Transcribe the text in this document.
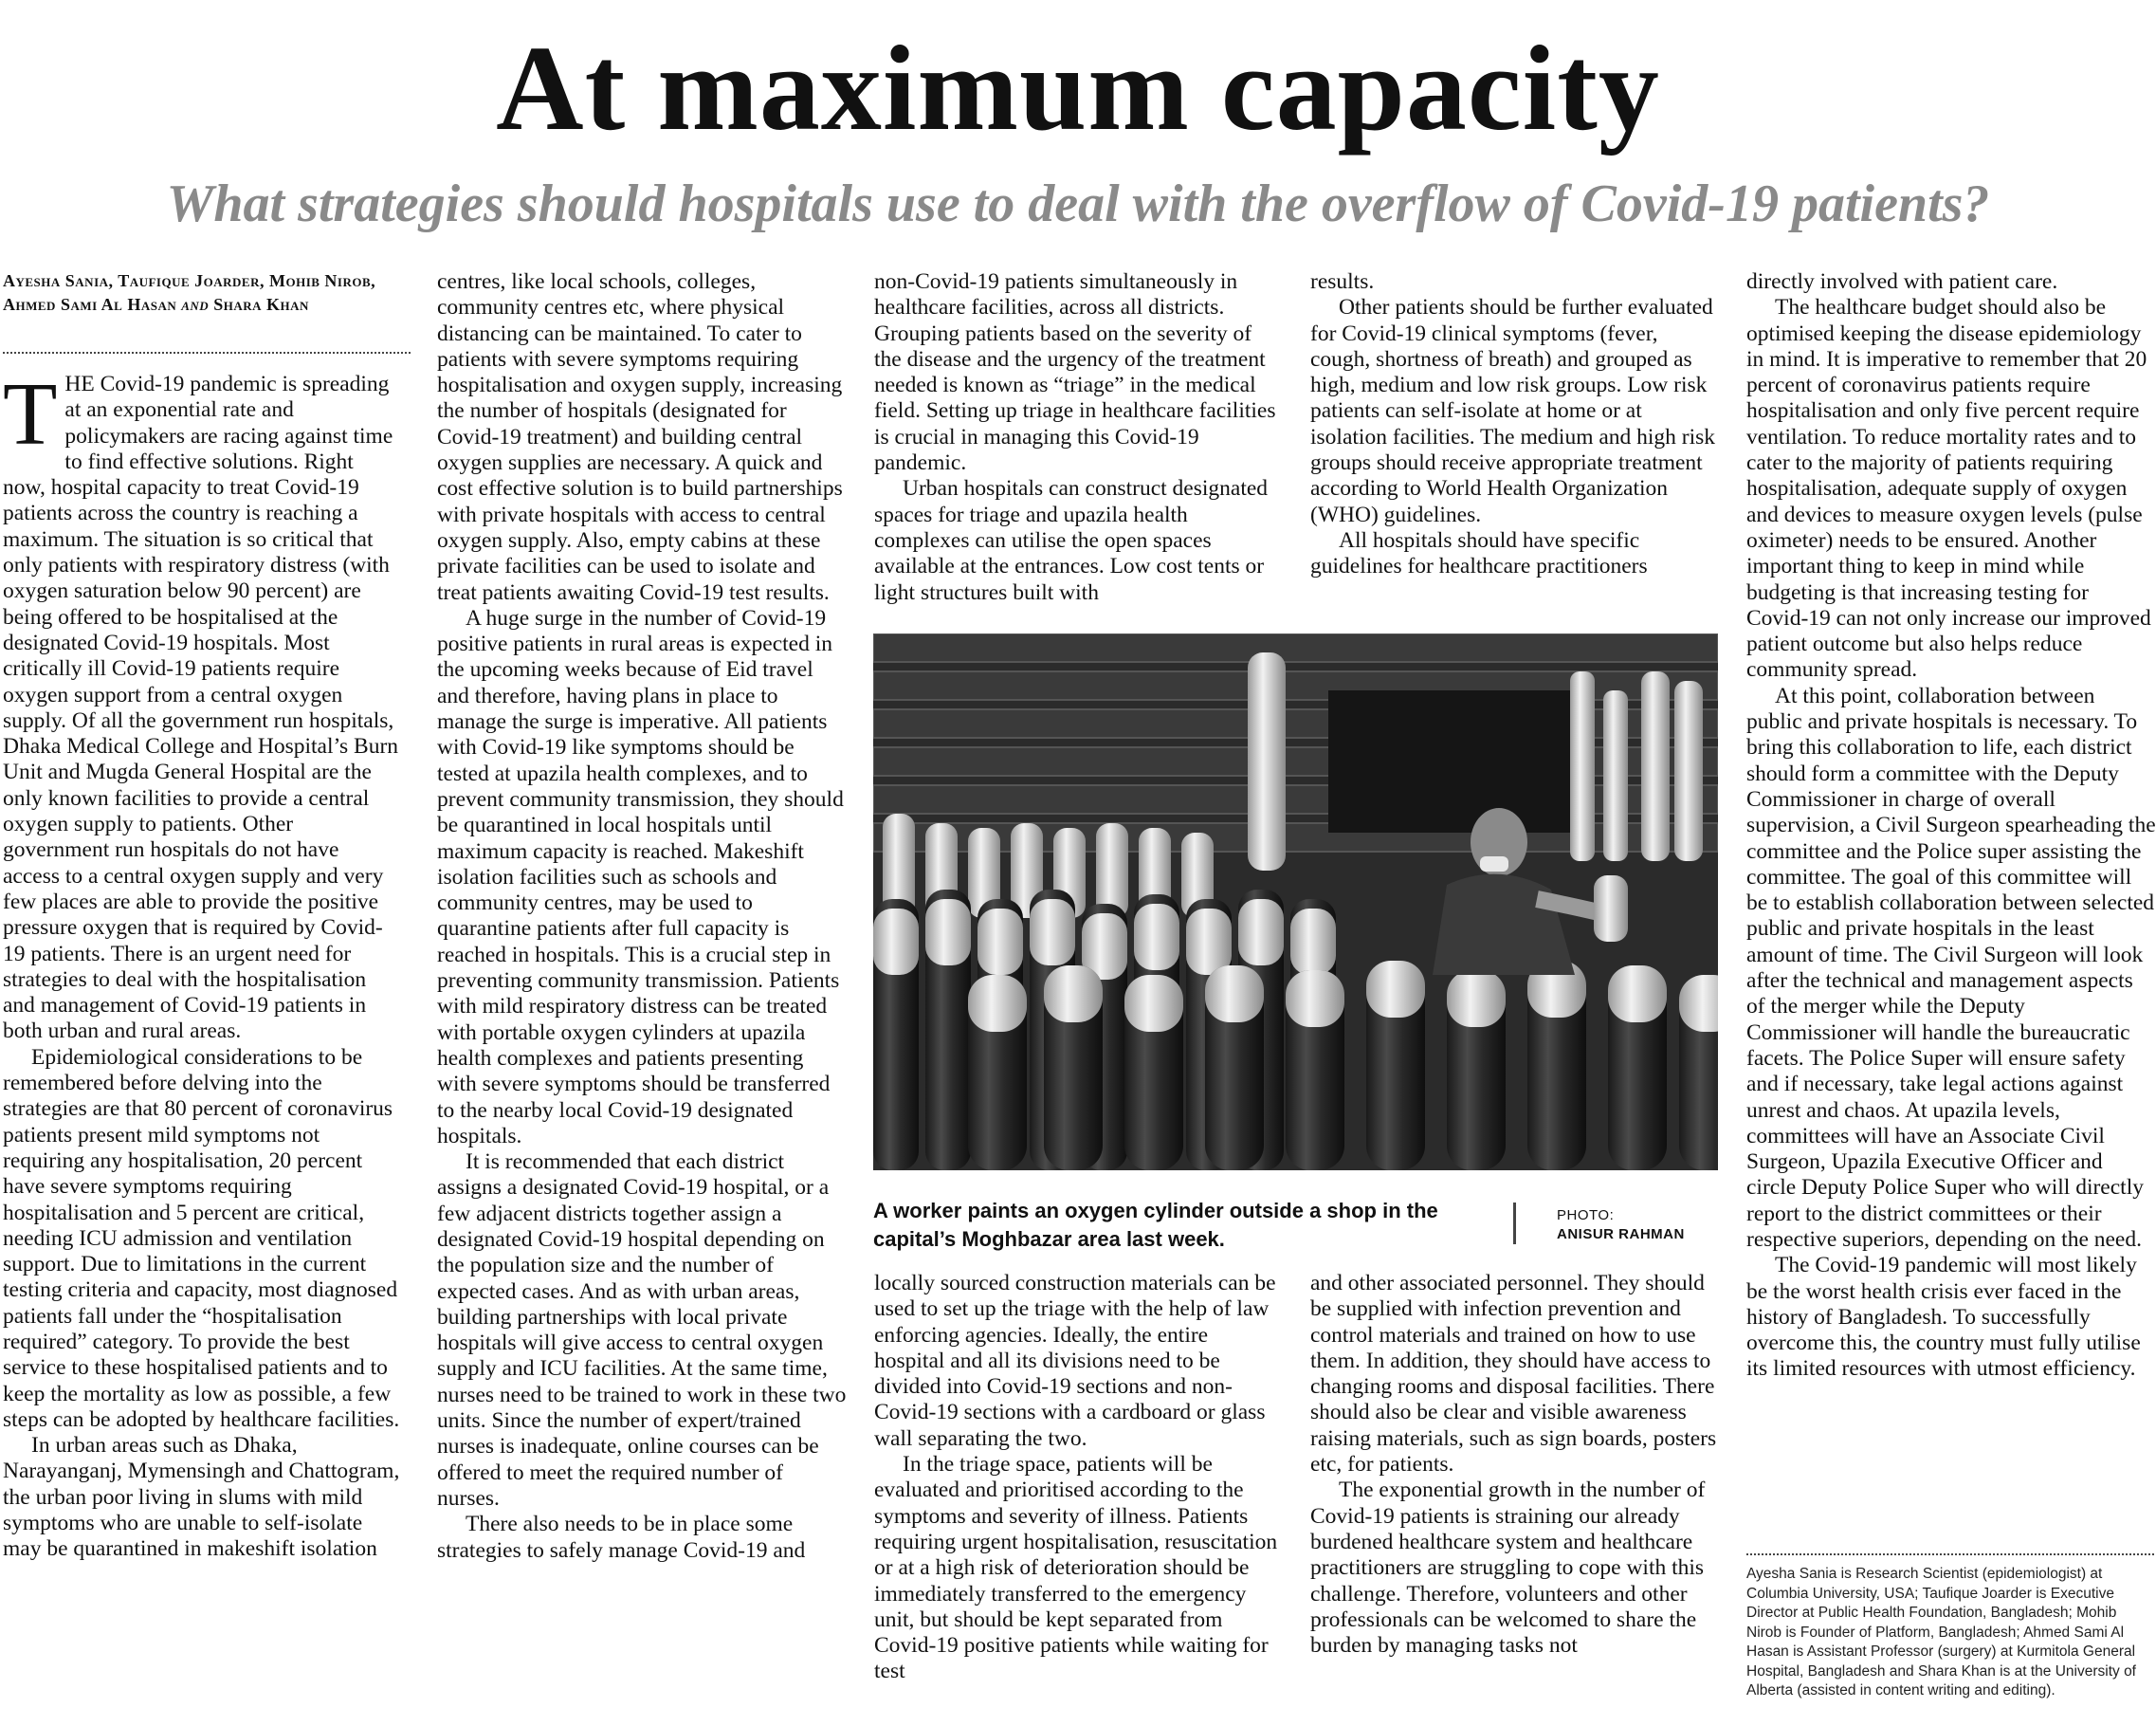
At maximum capacity
What strategies should hospitals use to deal with the overflow of Covid-19 patients?
Ayesha Sania, Taufique Joarder, Mohib Nirob, Ahmed Sami Al Hasan and Shara Khan

THE Covid-19 pandemic is spreading at an exponential rate and policymakers are racing against time to find effective solutions. Right now, hospital capacity to treat Covid-19 patients across the country is reaching a maximum. The situation is so critical that only patients with respiratory distress (with oxygen saturation below 90 percent) are being offered to be hospitalised at the designated Covid-19 hospitals. Most critically ill Covid-19 patients require oxygen support from a central oxygen supply. Of all the government run hospitals, Dhaka Medical College and Hospital’s Burn Unit and Mugda General Hospital are the only known facilities to provide a central oxygen supply to patients. Other government run hospitals do not have access to a central oxygen supply and very few places are able to provide the positive pressure oxygen that is required by Covid-19 patients. There is an urgent need for strategies to deal with the hospitalisation and management of Covid-19 patients in both urban and rural areas.

Epidemiological considerations to be remembered before delving into the strategies are that 80 percent of coronavirus patients present mild symptoms not requiring any hospitalisation, 20 percent have severe symptoms requiring hospitalisation and 5 percent are critical, needing ICU admission and ventilation support. Due to limitations in the current testing criteria and capacity, most diagnosed patients fall under the “hospitalisation required” category. To provide the best service to these hospitalised patients and to keep the mortality as low as possible, a few steps can be adopted by healthcare facilities.

In urban areas such as Dhaka, Narayanganj, Mymensingh and Chattogram, the urban poor living in slums with mild symptoms who are unable to self-isolate may be quarantined in makeshift isolation

centres, like local schools, colleges, community centres etc, where physical distancing can be maintained. To cater to patients with severe symptoms requiring hospitalisation and oxygen supply, increasing the number of hospitals (designated for Covid-19 treatment) and building central oxygen supplies are necessary. A quick and cost effective solution is to build partnerships with private hospitals with access to central oxygen supply. Also, empty cabins at these private facilities can be used to isolate and treat patients awaiting Covid-19 test results.

A huge surge in the number of Covid-19 positive patients in rural areas is expected in the upcoming weeks because of Eid travel and therefore, having plans in place to manage the surge is imperative. All patients with Covid-19 like symptoms should be tested at upazila health complexes, and to prevent community transmission, they should be quarantined in local hospitals until maximum capacity is reached. Makeshift isolation facilities such as schools and community centres, may be used to quarantine patients after full capacity is reached in hospitals. This is a crucial step in preventing community transmission. Patients with mild respiratory distress can be treated with portable oxygen cylinders at upazila health complexes and patients presenting with severe symptoms should be transferred to the nearby local Covid-19 designated hospitals.

It is recommended that each district assigns a designated Covid-19 hospital, or a few adjacent districts together assign a designated Covid-19 hospital depending on the population size and the number of expected cases. And as with urban areas, building partnerships with local private hospitals will give access to central oxygen supply and ICU facilities. At the same time, nurses need to be trained to work in these two units. Since the number of expert/trained nurses is inadequate, online courses can be offered to meet the required number of nurses.

There also needs to be in place some strategies to safely manage Covid-19 and

non-Covid-19 patients simultaneously in healthcare facilities, across all districts. Grouping patients based on the severity of the disease and the urgency of the treatment needed is known as “triage” in the medical field. Setting up triage in healthcare facilities is crucial in managing this Covid-19 pandemic.

Urban hospitals can construct designated spaces for triage and upazila health complexes can utilise the open spaces available at the entrances. Low cost tents or light structures built with

results.

Other patients should be further evaluated for Covid-19 clinical symptoms (fever, cough, shortness of breath) and grouped as high, medium and low risk groups. Low risk patients can self-isolate at home or at isolation facilities. The medium and high risk groups should receive appropriate treatment according to World Health Organization (WHO) guidelines.

All hospitals should have specific guidelines for healthcare practitioners

A worker paints an oxygen cylinder outside a shop in the capital’s Moghbazar area last week.
PHOTO:
ANISUR RAHMAN

locally sourced construction materials can be used to set up the triage with the help of law enforcing agencies. Ideally, the entire hospital and all its divisions need to be divided into Covid-19 sections and non-Covid-19 sections with a cardboard or glass wall separating the two.

In the triage space, patients will be evaluated and prioritised according to the symptoms and severity of illness. Patients requiring urgent hospitalisation, resuscitation or at a high risk of deterioration should be immediately transferred to the emergency unit, but should be kept separated from Covid-19 positive patients while waiting for test

and other associated personnel. They should be supplied with infection prevention and control materials and trained on how to use them. In addition, they should have access to changing rooms and disposal facilities. There should also be clear and visible awareness raising materials, such as sign boards, posters etc, for patients.

The exponential growth in the number of Covid-19 patients is straining our already burdened healthcare system and healthcare practitioners are struggling to cope with this challenge. Therefore, volunteers and other professionals can be welcomed to share the burden by managing tasks not

directly involved with patient care.

The healthcare budget should also be optimised keeping the disease epidemiology in mind. It is imperative to remember that 20 percent of coronavirus patients require hospitalisation and only five percent require ventilation. To reduce mortality rates and to cater to the majority of patients requiring hospitalisation, adequate supply of oxygen and devices to measure oxygen levels (pulse oximeter) needs to be ensured. Another important thing to keep in mind while budgeting is that increasing testing for Covid-19 can not only increase our improved patient outcome but also helps reduce community spread.

At this point, collaboration between public and private hospitals is necessary. To bring this collaboration to life, each district should form a committee with the Deputy Commissioner in charge of overall supervision, a Civil Surgeon spearheading the committee and the Police super assisting the committee. The goal of this committee will be to establish collaboration between selected public and private hospitals in the least amount of time. The Civil Surgeon will look after the technical and management aspects of the merger while the Deputy Commissioner will handle the bureaucratic facets. The Police Super will ensure safety and if necessary, take legal actions against unrest and chaos. At upazila levels, committees will have an Associate Civil Surgeon, Upazila Executive Officer and circle Deputy Police Super who will directly report to the district committees or their respective superiors, depending on the need.

The Covid-19 pandemic will most likely be the worst health crisis ever faced in the history of Bangladesh. To successfully overcome this, the country must fully utilise its limited resources with utmost efficiency.

Ayesha Sania is Research Scientist (epidemiologist) at Columbia University, USA; Taufique Joarder is Executive Director at Public Health Foundation, Bangladesh; Mohib Nirob is Founder of Platform, Bangladesh; Ahmed Sami Al Hasan is Assistant Professor (surgery) at Kurmitola General Hospital, Bangladesh and Shara Khan is at the University of Alberta (assisted in content writing and editing).
